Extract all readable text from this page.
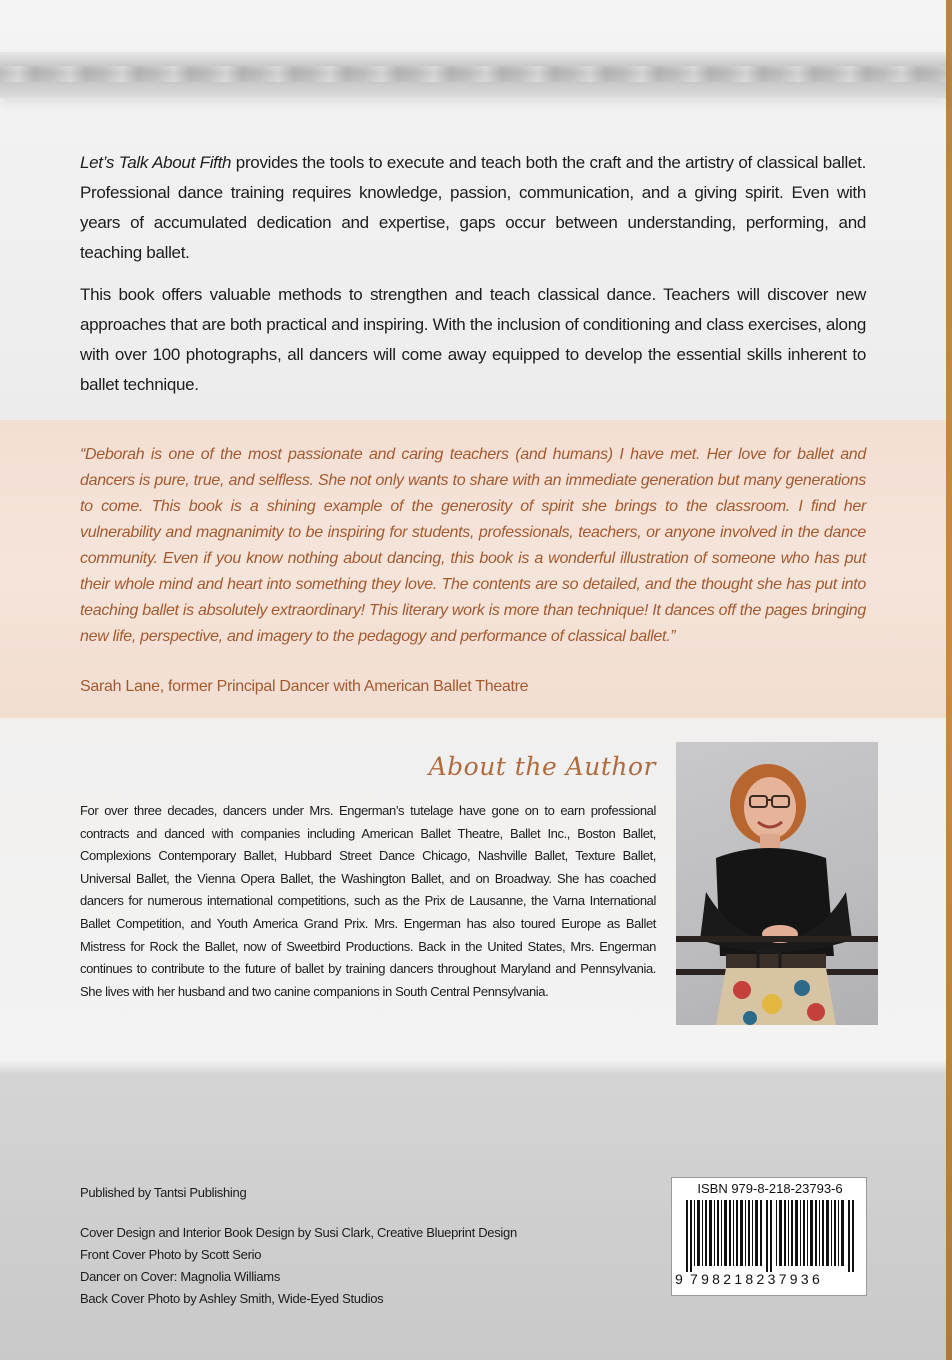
Let’s Talk About Fifth provides the tools to execute and teach both the craft and the artistry of classical ballet. Professional dance training requires knowledge, passion, communication, and a giving spirit. Even with years of accumulated dedication and expertise, gaps occur between understanding, performing, and teaching ballet.

This book offers valuable methods to strengthen and teach classical dance. Teachers will discover new approaches that are both practical and inspiring. With the inclusion of conditioning and class exercises, along with over 100 photographs, all dancers will come away equipped to develop the essential skills inherent to ballet technique.

“Deborah is one of the most passionate and caring teachers (and humans) I have met. Her love for ballet and dancers is pure, true, and selfless. She not only wants to share with an immediate generation but many generations to come. This book is a shining example of the generosity of spirit she brings to the classroom. I find her vulnerability and magnanimity to be inspiring for students, professionals, teachers, or anyone involved in the dance community. Even if you know nothing about dancing, this book is a wonderful illustration of someone who has put their whole mind and heart into something they love. The contents are so detailed, and the thought she has put into teaching ballet is absolutely extraordinary! This literary work is more than technique! It dances off the pages bringing new life, perspective, and imagery to the pedagogy and performance of classical ballet.”
Sarah Lane, former Principal Dancer with American Ballet Theatre
About the Author
For over three decades, dancers under Mrs. Engerman’s tutelage have gone on to earn professional contracts and danced with companies including American Ballet Theatre, Ballet Inc., Boston Ballet, Complexions Contemporary Ballet, Hubbard Street Dance Chicago, Nashville Ballet, Texture Ballet, Universal Ballet, the Vienna Opera Ballet, the Washington Ballet, and on Broadway. She has coached dancers for numerous international competitions, such as the Prix de Lausanne, the Varna International Ballet Competition, and Youth America Grand Prix. Mrs. Engerman has also toured Europe as Ballet Mistress for Rock the Ballet, now of Sweetbird Productions. Back in the United States, Mrs. Engerman continues to contribute to the future of ballet by training dancers throughout Maryland and Pennsylvania. She lives with her husband and two canine companions in South Central Pennsylvania.
Published by Tantsi Publishing
Cover Design and Interior Book Design by Susi Clark, Creative Blueprint Design
Front Cover Photo by Scott Serio
Dancer on Cover: Magnolia Williams
Back Cover Photo by Ashley Smith, Wide-Eyed Studios
ISBN 979-8-218-23793-6
9 798218237936
